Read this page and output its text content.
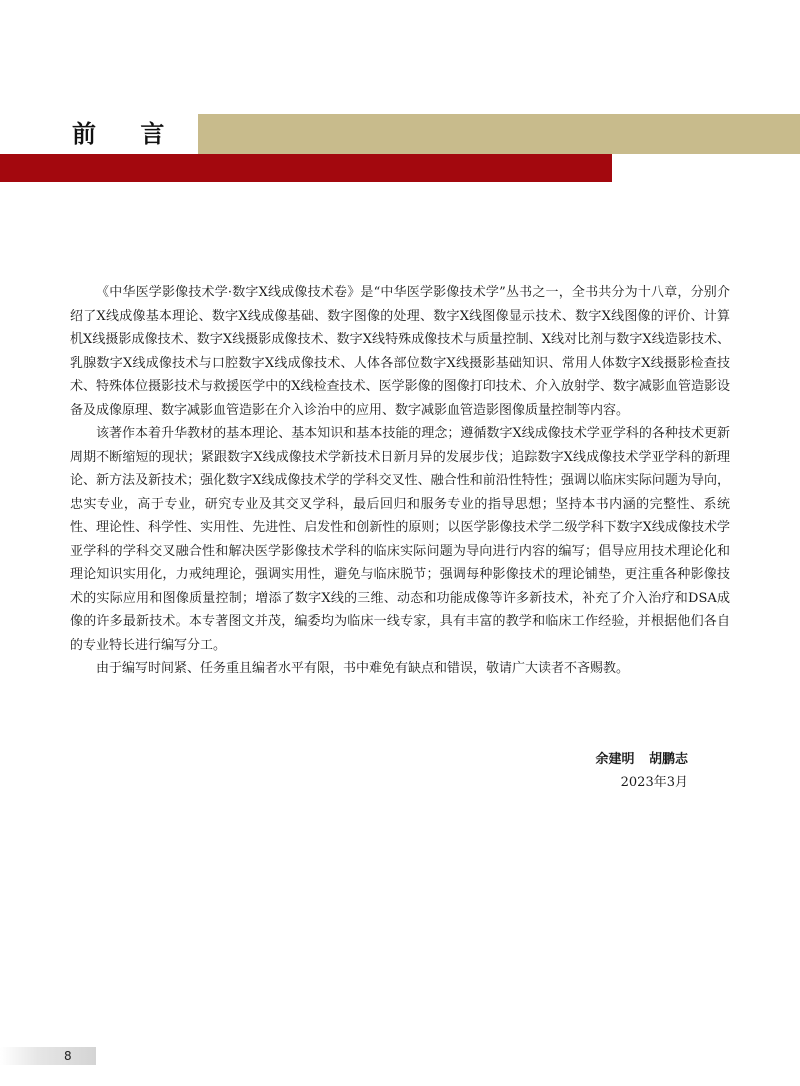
前 言

《中华医学影像技术学·数字X线成像技术卷》是“中华医学影像技术学”丛书之一，全书共分为十八章，分别介绍了X线成像基本理论、数字X线成像基础、数字图像的处理、数字X线图像显示技术、数字X线图像的评价、计算机X线摄影成像技术、数字X线摄影成像技术、数字X线特殊成像技术与质量控制、X线对比剂与数字X线造影技术、乳腺数字X线成像技术与口腔数字X线成像技术、人体各部位数字X线摄影基础知识、常用人体数字X线摄影检查技术、特殊体位摄影技术与救援医学中的X线检查技术、医学影像的图像打印技术、介入放射学、数字减影血管造影设备及成像原理、数字减影血管造影在介入诊治中的应用、数字减影血管造影图像质量控制等内容。

该著作本着升华教材的基本理论、基本知识和基本技能的理念；遵循数字X线成像技术学亚学科的各种技术更新周期不断缩短的现状；紧跟数字X线成像技术学新技术日新月异的发展步伐；追踪数字X线成像技术学亚学科的新理论、新方法及新技术；强化数字X线成像技术学的学科交叉性、融合性和前沿性特性；强调以临床实际问题为导向，忠实专业，高于专业，研究专业及其交叉学科，最后回归和服务专业的指导思想；坚持本书内涵的完整性、系统性、理论性、科学性、实用性、先进性、启发性和创新性的原则；以医学影像技术学二级学科下数字X线成像技术学亚学科的学科交叉融合性和解决医学影像技术学科的临床实际问题为导向进行内容的编写；倡导应用技术理论化和理论知识实用化，力戒纯理论，强调实用性，避免与临床脱节；强调每种影像技术的理论铺垫，更注重各种影像技术的实际应用和图像质量控制；增添了数字X线的三维、动态和功能成像等许多新技术，补充了介入治疗和DSA成像的许多最新技术。本专著图文并茂，编委均为临床一线专家，具有丰富的教学和临床工作经验，并根据他们各自的专业特长进行编写分工。

由于编写时间紧、任务重且编者水平有限，书中难免有缺点和错误，敬请广大读者不吝赐教。

余建明 胡鹏志
2023年3月
8
